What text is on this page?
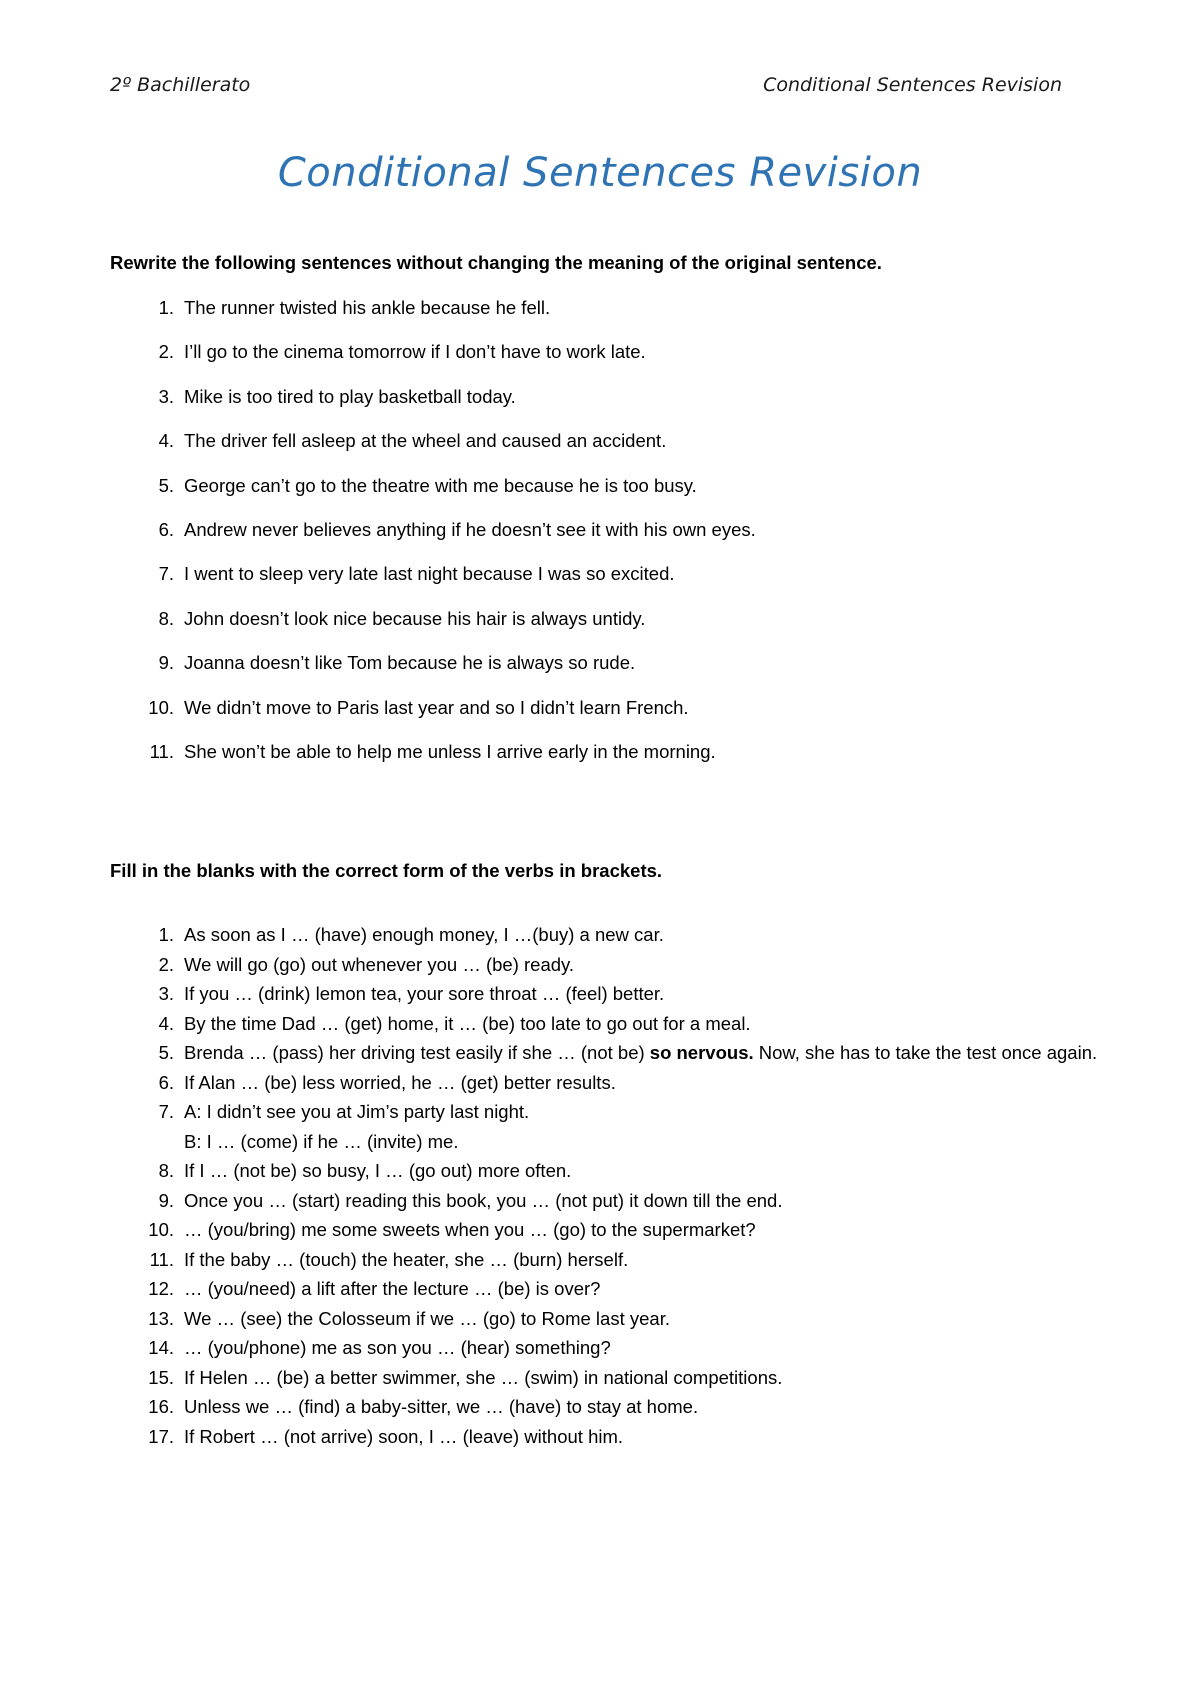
2º Bachillerato	Conditional Sentences Revision
Conditional Sentences Revision
Rewrite the following sentences without changing the meaning of the original sentence.
1 . The runner twisted his ankle because he fell.
2 . I’ll go to the cinema tomorrow if I don’t have to work late.
3 . Mike is too tired to play basketball today.
4 . The driver fell asleep at the wheel and caused an accident.
5 . George can’t go to the theatre with me because he is too busy.
6 . Andrew never believes anything if he doesn’t see it with his own eyes.
7 . I went to sleep very late last night because I was so excited.
8 . John doesn’t look nice because his hair is always untidy.
9 . Joanna doesn’t like Tom because he is always so rude.
10 . We didn’t move to Paris last year and so I didn’t learn French.
11 . She won’t be able to help me unless I arrive early in the morning.
Fill in the blanks with the correct form of the verbs in brackets.
1 . As soon as I … (have) enough money, I …(buy) a new car.
2 . We will go (go) out whenever you … (be) ready.
3 . If you … (drink) lemon tea, your sore throat … (feel) better.
4 . By the time Dad … (get) home, it … (be) too late to go out for a meal.
5 . Brenda … (pass) her driving test easily if she … (not be) so nervous. Now, she has to take the test once again.
6 . If Alan … (be) less worried, he … (get) better results.
7 . A: I didn’t see you at Jim’s party last night.
B: I … (come) if he … (invite) me.
8 . If I … (not be) so busy, I … (go out) more often.
9 . Once you … (start) reading this book, you … (not put) it down till the end.
10 . … (you/bring) me some sweets when you … (go) to the supermarket?
11 . If the baby … (touch) the heater, she … (burn) herself.
12 . … (you/need) a lift after the lecture … (be) is over?
13 . We … (see) the Colosseum if we … (go) to Rome last year.
14 . … (you/phone) me as son you … (hear) something?
15 . If Helen … (be) a better swimmer, she … (swim) in national competitions.
16 . Unless we … (find) a baby-sitter, we … (have) to stay at home.
17 . If Robert … (not arrive) soon, I … (leave) without him.
